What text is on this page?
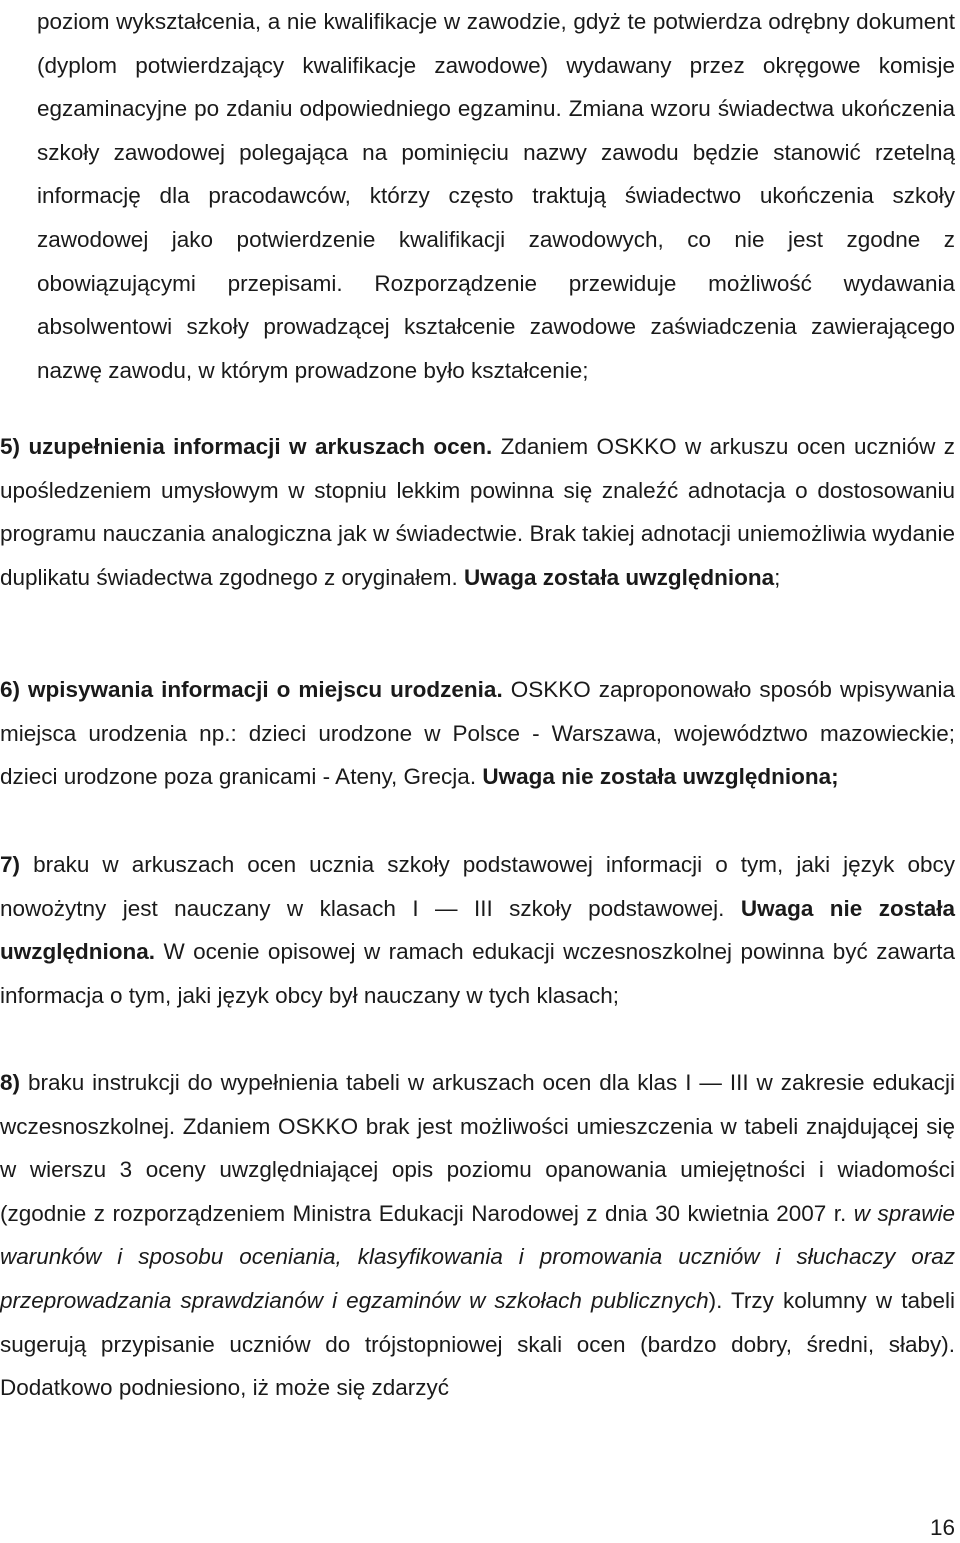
poziom wykształcenia, a nie kwalifikacje w zawodzie, gdyż te potwierdza odrębny dokument (dyplom potwierdzający kwalifikacje zawodowe) wydawany przez okręgowe komisje egzaminacyjne po zdaniu odpowiedniego egzaminu. Zmiana wzoru świadectwa ukończenia szkoły zawodowej polegająca na pominięciu nazwy zawodu będzie stanowić rzetelną informację dla pracodawców, którzy często traktują świadectwo ukończenia szkoły zawodowej jako potwierdzenie kwalifikacji zawodowych, co nie jest zgodne z obowiązującymi przepisami. Rozporządzenie przewiduje możliwość wydawania absolwentowi szkoły prowadzącej kształcenie zawodowe zaświadczenia zawierającego nazwę zawodu, w którym prowadzone było kształcenie;

5) uzupełnienia informacji w arkuszach ocen. Zdaniem OSKKO w arkuszu ocen uczniów z upośledzeniem umysłowym w stopniu lekkim powinna się znaleźć adnotacja o dostosowaniu programu nauczania analogiczna jak w świadectwie. Brak takiej adnotacji uniemożliwia wydanie duplikatu świadectwa zgodnego z oryginałem. Uwaga została uwzględniona;

6) wpisywania informacji o miejscu urodzenia. OSKKO zaproponowało sposób wpisywania miejsca urodzenia np.: dzieci urodzone w Polsce - Warszawa, województwo mazowieckie; dzieci urodzone poza granicami - Ateny, Grecja. Uwaga nie została uwzględniona;

7) braku w arkuszach ocen ucznia szkoły podstawowej informacji o tym, jaki język obcy nowożytny jest nauczany w klasach I — III szkoły podstawowej. Uwaga nie została uwzględniona. W ocenie opisowej w ramach edukacji wczesnoszkolnej powinna być zawarta informacja o tym, jaki język obcy był nauczany w tych klasach;

8) braku instrukcji do wypełnienia tabeli w arkuszach ocen dla klas I — III w zakresie edukacji wczesnoszkolnej. Zdaniem OSKKO brak jest możliwości umieszczenia w tabeli znajdującej się w wierszu 3 oceny uwzględniającej opis poziomu opanowania umiejętności i wiadomości (zgodnie z rozporządzeniem Ministra Edukacji Narodowej z dnia 30 kwietnia 2007 r. w sprawie warunków i sposobu oceniania, klasyfikowania i promowania uczniów i słuchaczy oraz przeprowadzania sprawdzianów i egzaminów w szkołach publicznych). Trzy kolumny w tabeli sugerują przypisanie uczniów do trójstopniowej skali ocen (bardzo dobry, średni, słaby). Dodatkowo podniesiono, iż może się zdarzyć

16
